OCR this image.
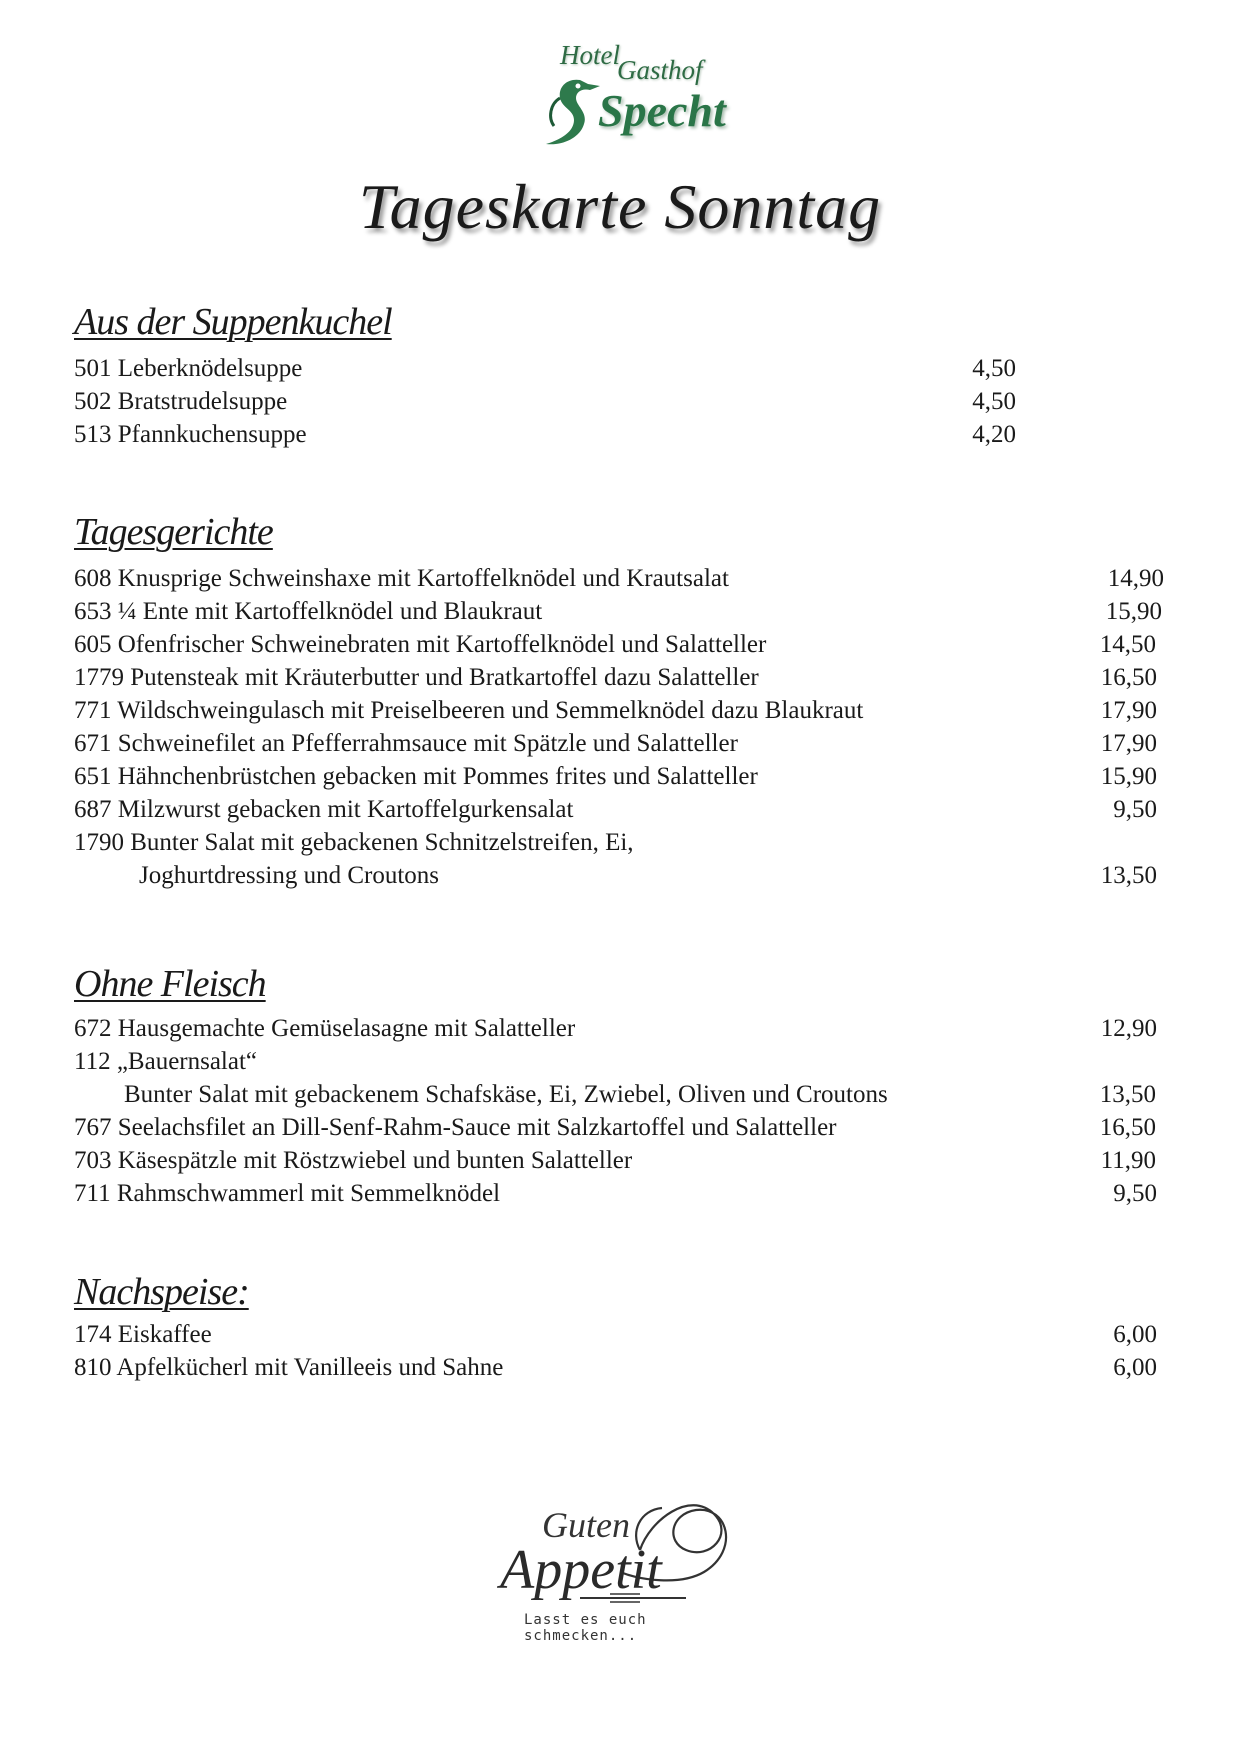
Hotel
Gasthof
Specht
Tageskarte Sonntag
Aus der Suppenkuchel
501 Leberknödelsuppe	4,50
502 Bratstrudelsuppe	4,50
513 Pfannkuchensuppe	4,20
Tagesgerichte
608 Knusprige Schweinshaxe mit Kartoffelknödel und Krautsalat	14,90
653 ¼ Ente mit Kartoffelknödel und Blaukraut	15,90
605 Ofenfrischer Schweinebraten mit Kartoffelknödel und Salatteller	14,50
1779 Putensteak mit Kräuterbutter und Bratkartoffel dazu Salatteller	16,50
771 Wildschweingulasch mit Preiselbeeren und Semmelknödel dazu Blaukraut	17,90
671 Schweinefilet an Pfefferrahmsauce mit Spätzle und Salatteller	17,90
651 Hähnchenbrüstchen gebacken mit Pommes frites und Salatteller	15,90
687 Milzwurst gebacken mit Kartoffelgurkensalat	9,50
1790 Bunter Salat mit gebackenen Schnitzelstreifen, Ei,
Joghurtdressing und Croutons	13,50
Ohne Fleisch
672 Hausgemachte Gemüselasagne mit Salatteller	12,90
112 „Bauernsalat“
Bunter Salat mit gebackenem Schafskäse, Ei, Zwiebel, Oliven und Croutons	13,50
767 Seelachsfilet an Dill-Senf-Rahm-Sauce mit Salzkartoffel und Salatteller	16,50
703 Käsespätzle mit Röstzwiebel und bunten Salatteller	11,90
711 Rahmschwammerl mit Semmelknödel	9,50
Nachspeise:
174 Eiskaffee	6,00
810 Apfelkücherl mit Vanilleeis und Sahne	6,00
Guten
Appetit
Lasst es euch schmecken...
